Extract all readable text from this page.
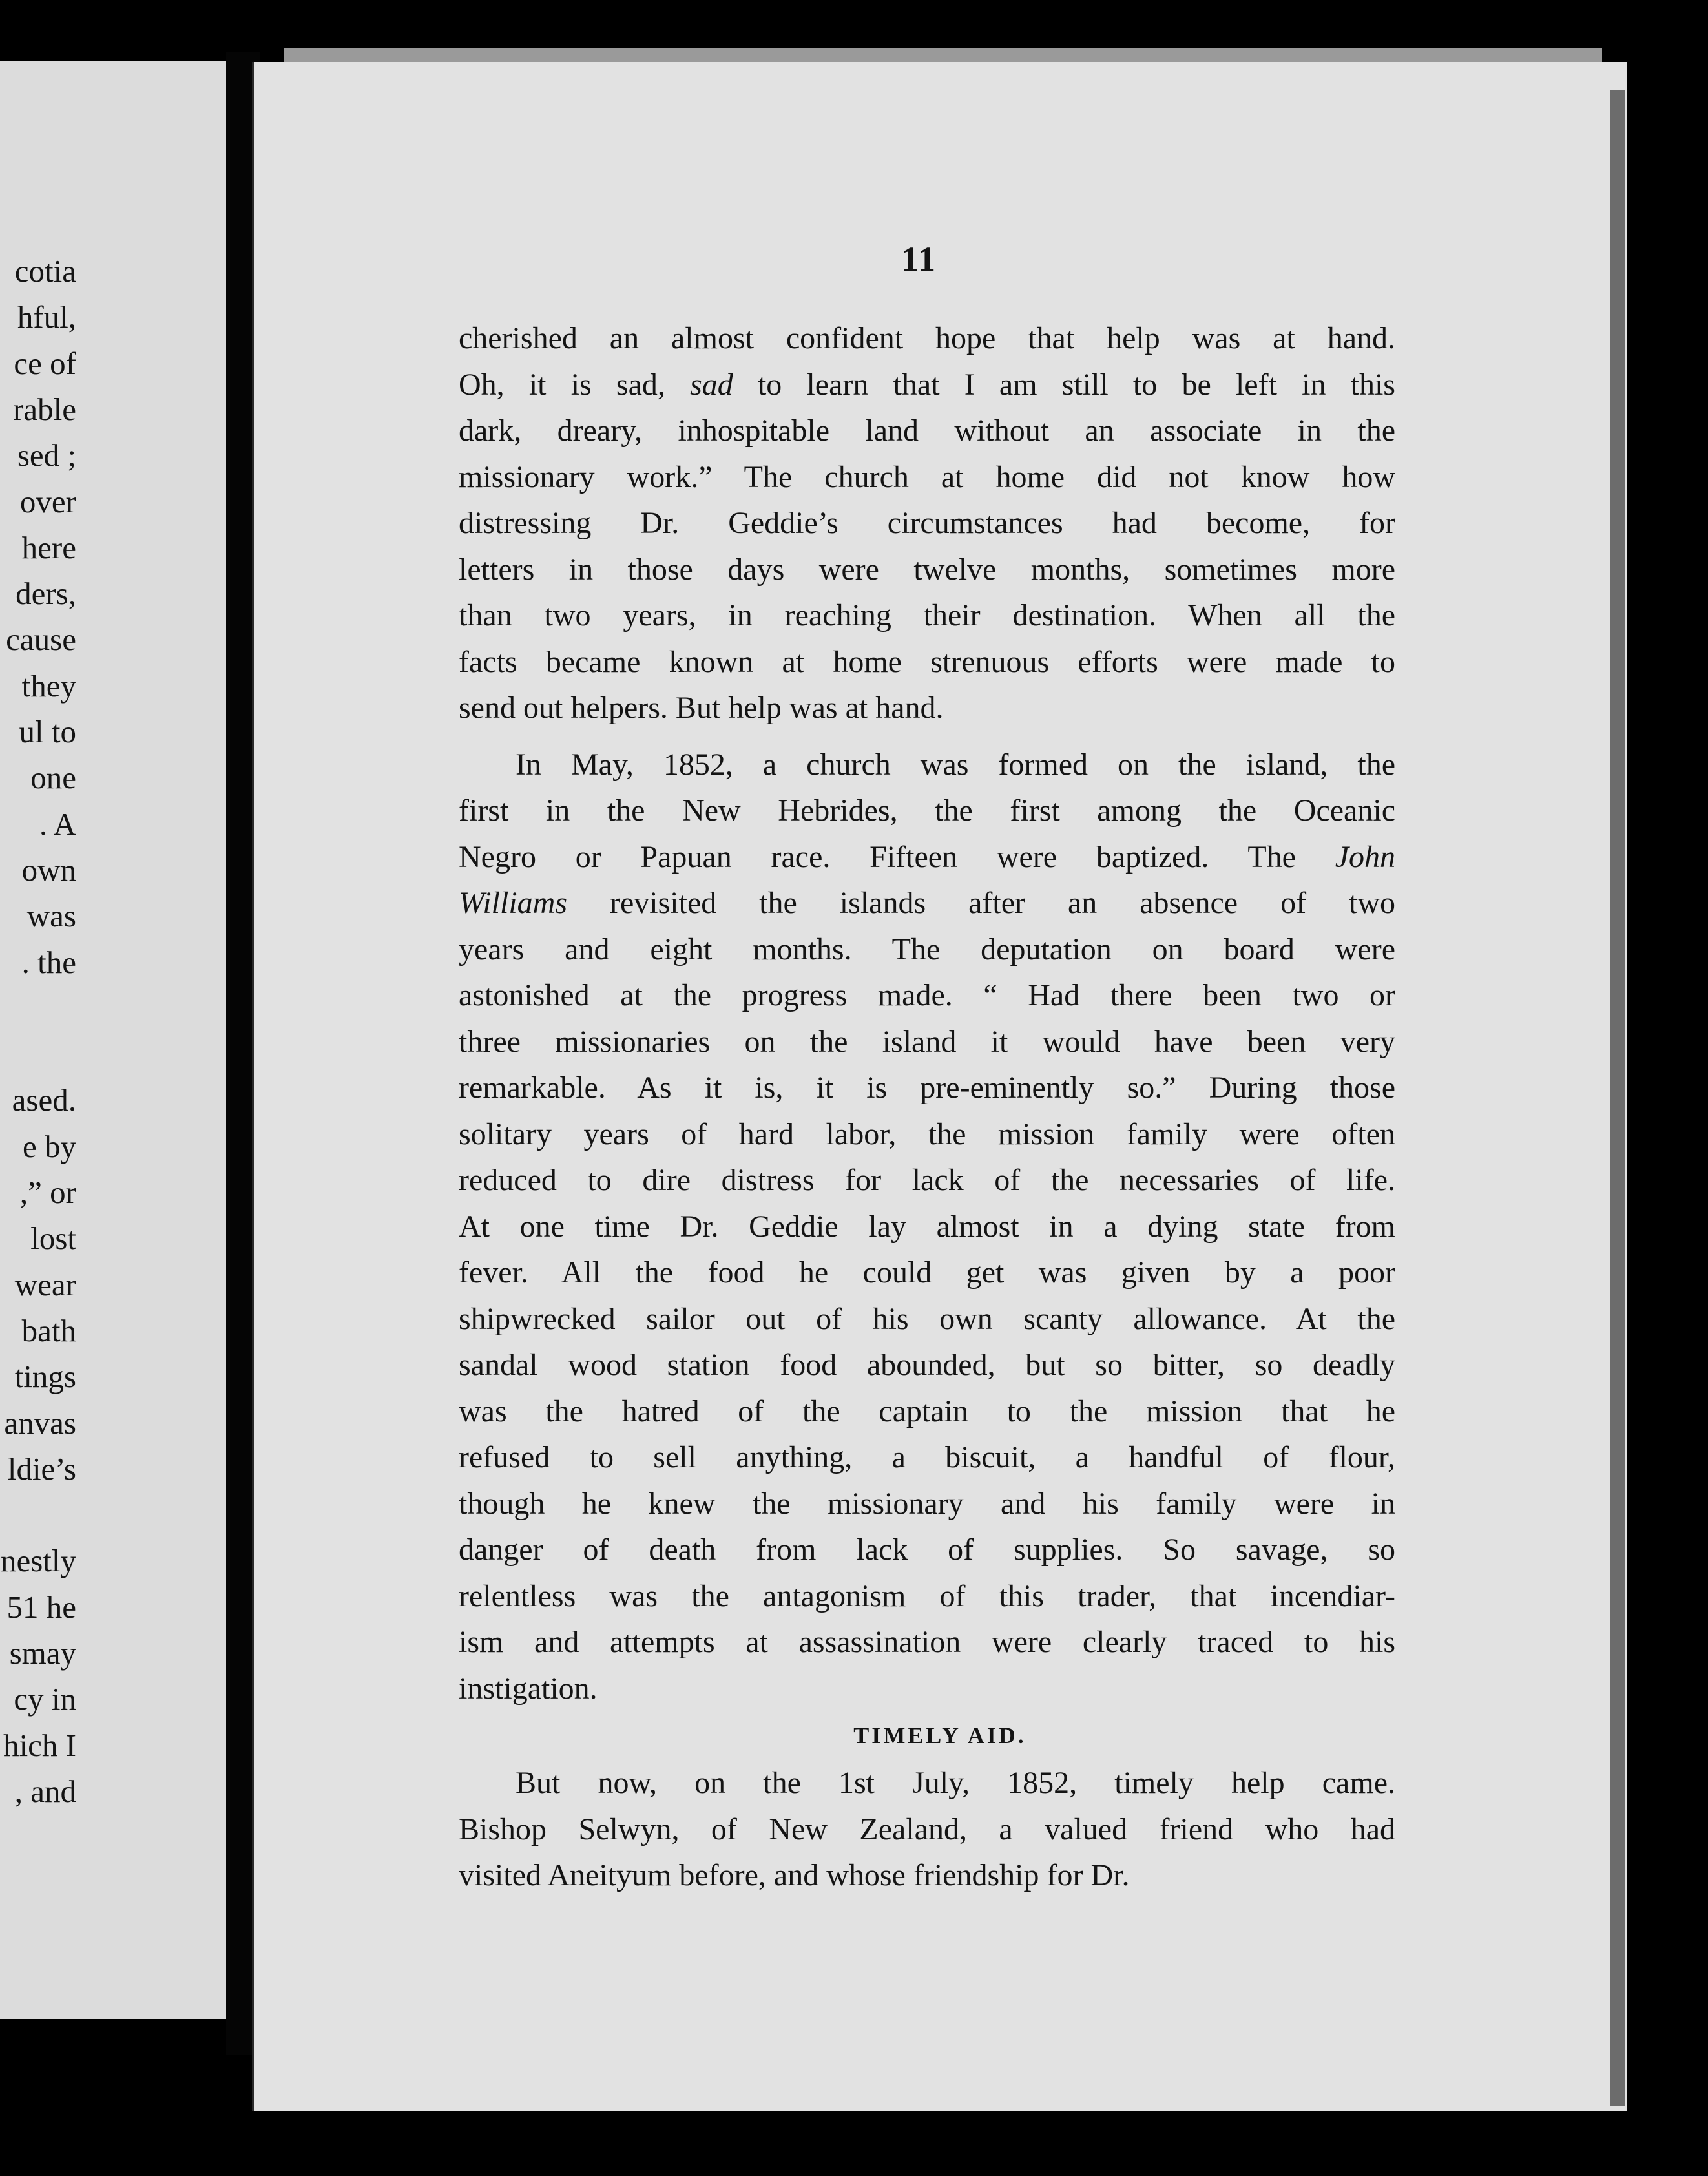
cotia
hful,
ce of
rable
sed ;
over
here
ders,
cause
they
ul to
one
. A
own
was
. the
ased.
e by
,” or
lost
wear
bath
tings
anvas
ldie’s
nestly
51 he
smay
cy in
hich I
, and
11
cherished an almost confident hope that help was at hand.
Oh, it is sad, sad to learn that I am still to be left in this
dark, dreary, inhospitable land without an associate in the
missionary work.” The church at home did not know how
distressing Dr. Geddie’s circumstances had become, for
letters in those days were twelve months, sometimes more
than two years, in reaching their destination. When all the
facts became known at home strenuous efforts were made to
send out helpers. But help was at hand.
In May, 1852, a church was formed on the island, the
first in the New Hebrides, the first among the Oceanic
Negro or Papuan race. Fifteen were baptized. The John
Williams revisited the islands after an absence of two
years and eight months. The deputation on board were
astonished at the progress made. “ Had there been two or
three missionaries on the island it would have been very
remarkable. As it is, it is pre-eminently so.” During those
solitary years of hard labor, the mission family were often
reduced to dire distress for lack of the necessaries of life.
At one time Dr. Geddie lay almost in a dying state from
fever. All the food he could get was given by a poor
shipwrecked sailor out of his own scanty allowance. At the
sandal wood station food abounded, but so bitter, so deadly
was the hatred of the captain to the mission that he
refused to sell anything, a biscuit, a handful of flour,
though he knew the missionary and his family were in
danger of death from lack of supplies. So savage, so
relentless was the antagonism of this trader, that incendiar-
ism and attempts at assassination were clearly traced to his
instigation.
TIMELY AID.
But now, on the 1st July, 1852, timely help came.
Bishop Selwyn, of New Zealand, a valued friend who had
visited Aneityum before, and whose friendship for Dr.
